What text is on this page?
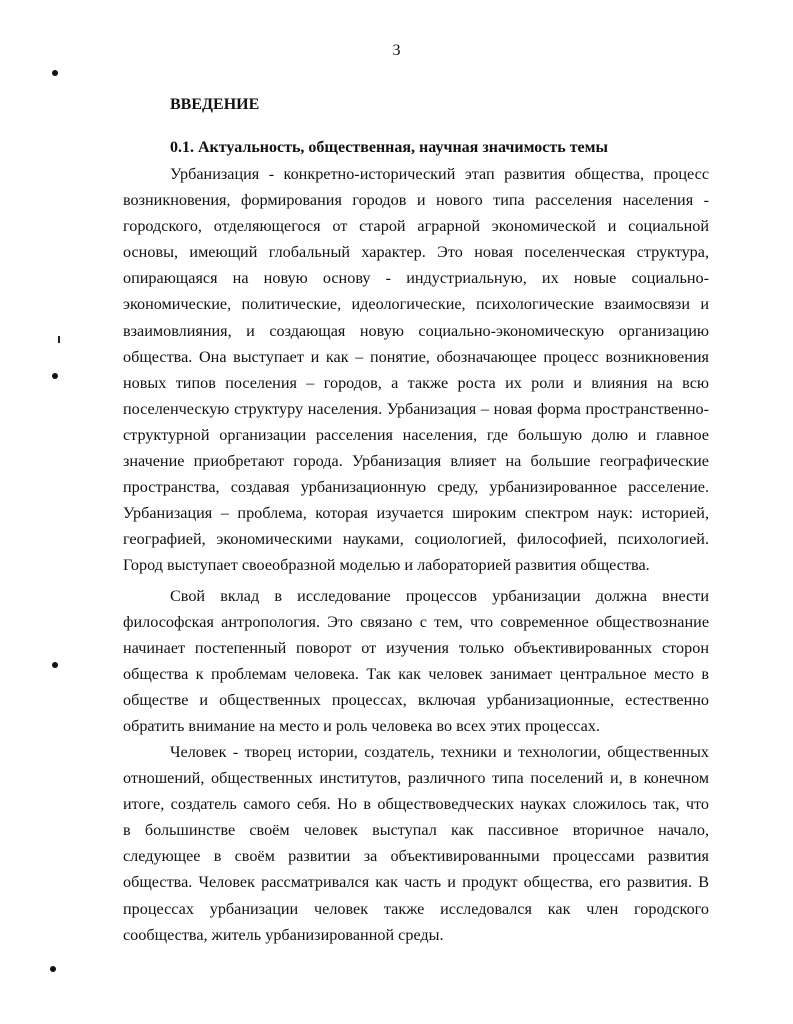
3
ВВЕДЕНИЕ
0.1. Актуальность, общественная, научная значимость темы
Урбанизация - конкретно-исторический этап развития общества, процесс
возникновения, формирования городов и нового типа расселения населения -
городского, отделяющегося от старой аграрной экономической и социальной
основы, имеющий глобальный характер. Это новая поселенческая структура,
опирающаяся на новую основу - индустриальную, их новые социально-
экономические, политические, идеологические, психологические взаимосвязи и
взаимовлияния, и создающая новую социально-экономическую организацию
общества. Она выступает и как – понятие, обозначающее процесс возникновения
новых типов поселения – городов, а также роста их роли и влияния на всю
поселенческую структуру населения. Урбанизация – новая форма пространственно-
структурной организации расселения населения, где большую долю и главное
значение приобретают города. Урбанизация влияет на большие географические
пространства, создавая урбанизационную среду, урбанизированное расселение.
Урбанизация – проблема, которая изучается широким спектром наук: историей,
географией, экономическими науками, социологией, философией, психологией.
Город выступает своеобразной моделью и лабораторией развития общества.
Свой вклад в исследование процессов урбанизации должна внести
философская антропология. Это связано с тем, что современное обществознание
начинает постепенный поворот от изучения только объективированных сторон
общества к проблемам человека. Так как человек занимает центральное место в
обществе и общественных процессах, включая урбанизационные, естественно
обратить внимание на место и роль человека во всех этих процессах.
Человек - творец истории, создатель, техники и технологии, общественных
отношений, общественных институтов, различного типа поселений и, в конечном
итоге, создатель самого себя. Но в обществоведческих науках сложилось так, что
в большинстве своём человек выступал как пассивное вторичное начало,
следующее в своём развитии за объективированными процессами развития
общества. Человек рассматривался как часть и продукт общества, его развития. В
процессах урбанизации человек также исследовался как член городского
сообщества, житель урбанизированной среды.
